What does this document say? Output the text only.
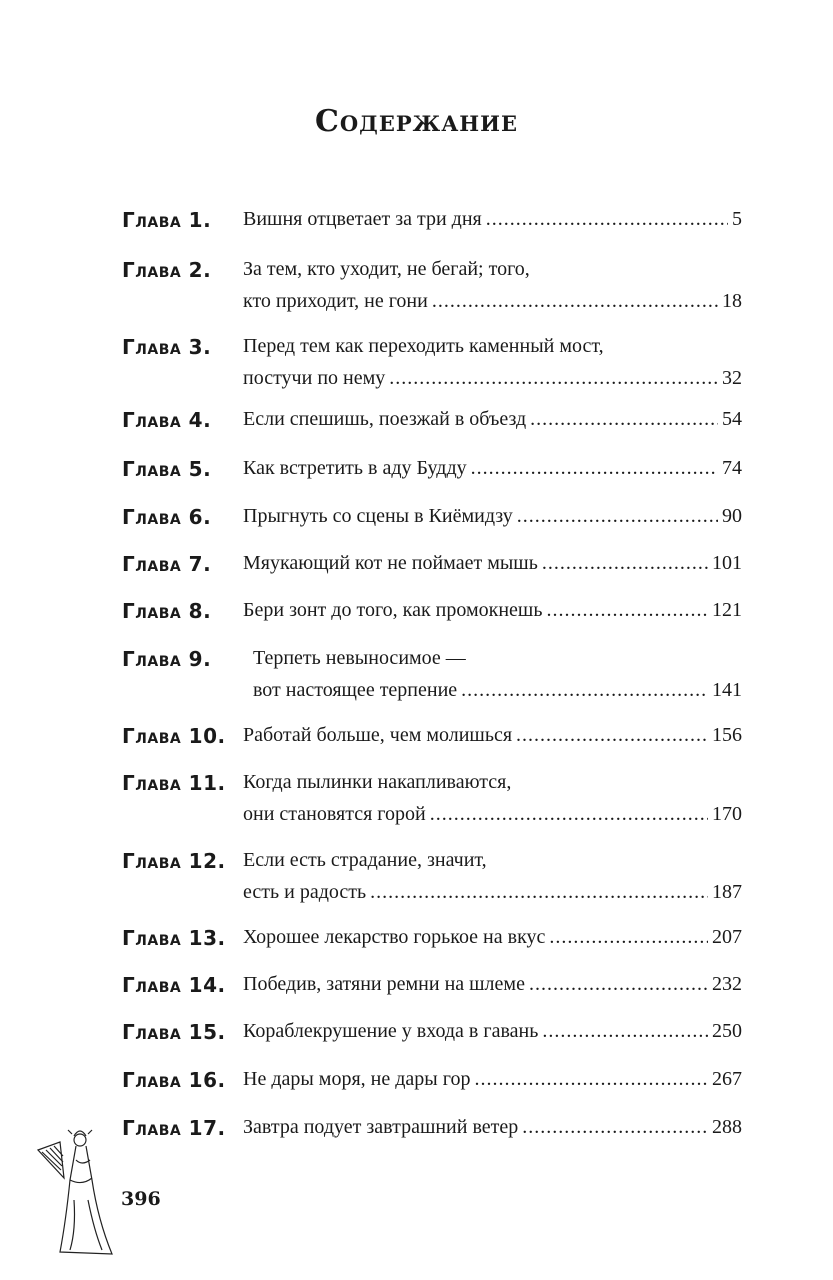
Содержание
Глава 1. Вишня отцветает за три дня .....	5
Глава 2. За тем, кто уходит, не бегай; того,
кто приходит, не гони .....	18
Глава 3. Перед тем как переходить каменный мост,
постучи по нему .....	32
Глава 4. Если спешишь, поезжай в объезд .....	54
Глава 5. Как встретить в аду Будду .....	74
Глава 6. Прыгнуть со сцены в Киёмидзу .....	90
Глава 7. Мяукающий кот не поймает мышь .....	101
Глава 8. Бери зонт до того, как промокнешь .....	121
Глава 9. Терпеть невыносимое —
вот настоящее терпение .....	141
Глава 10. Работай больше, чем молишься .....	156
Глава 11. Когда пылинки накапливаются,
они становятся горой .....	170
Глава 12. Если есть страдание, значит,
есть и радость .....	187
Глава 13. Хорошее лекарство горькое на вкус .....	207
Глава 14. Победив, затяни ремни на шлеме .....	232
Глава 15. Кораблекрушение у входа в гавань .....	250
Глава 16. Не дары моря, не дары гор .....	267
Глава 17. Завтра подует завтрашний ветер .....	288
396
